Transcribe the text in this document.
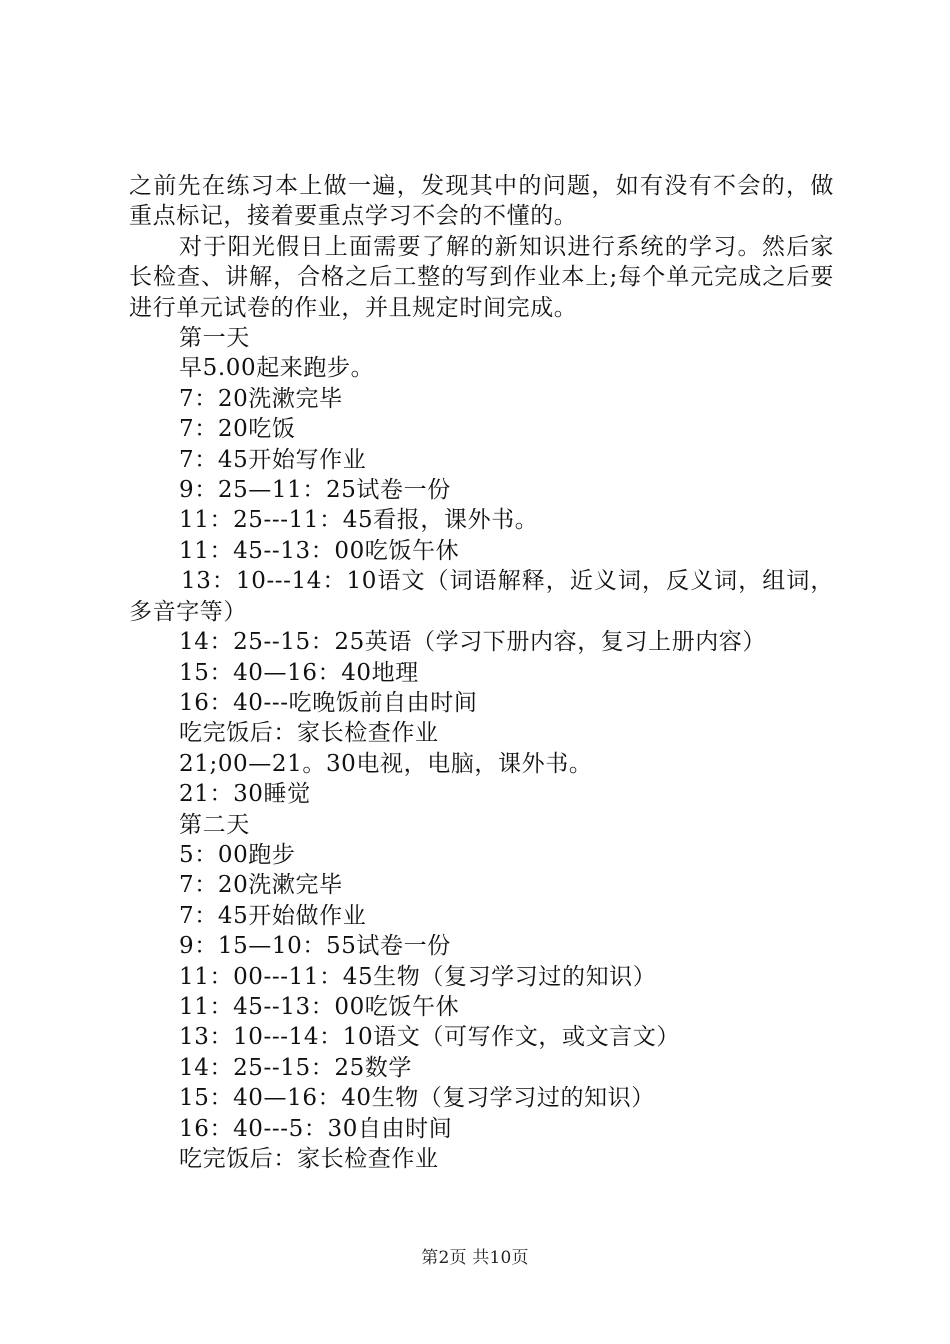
之前先在练习本上做一遍，发现其中的问题，如有没有不会的，做重点标记，接着要重点学习不会的不懂的。

对于阳光假日上面需要了解的新知识进行系统的学习。然后家长检查、讲解，合格之后工整的写到作业本上;每个单元完成之后要进行单元试卷的作业，并且规定时间完成。

第一天

早5.00起来跑步。

7：20洗漱完毕

7：20吃饭

7：45开始写作业

9：25—11：25试卷一份

11：25---11：45看报，课外书。

11：45--13：00吃饭午休

13：10---14：10语文（词语解释，近义词，反义词，组词，多音字等）

14：25--15：25英语（学习下册内容，复习上册内容）

15：40—16：40地理

16：40---吃晚饭前自由时间

吃完饭后：家长检查作业

21;00—21。30电视，电脑，课外书。

21：30睡觉

第二天

5：00跑步

7：20洗漱完毕

7：45开始做作业

9：15—10：55试卷一份

11：00---11：45生物（复习学习过的知识）

11：45--13：00吃饭午休

13：10---14：10语文（可写作文，或文言文）

14：25--15：25数学

15：40—16：40生物（复习学习过的知识）

16：40---5：30自由时间

吃完饭后：家长检查作业

第2页 共10页
